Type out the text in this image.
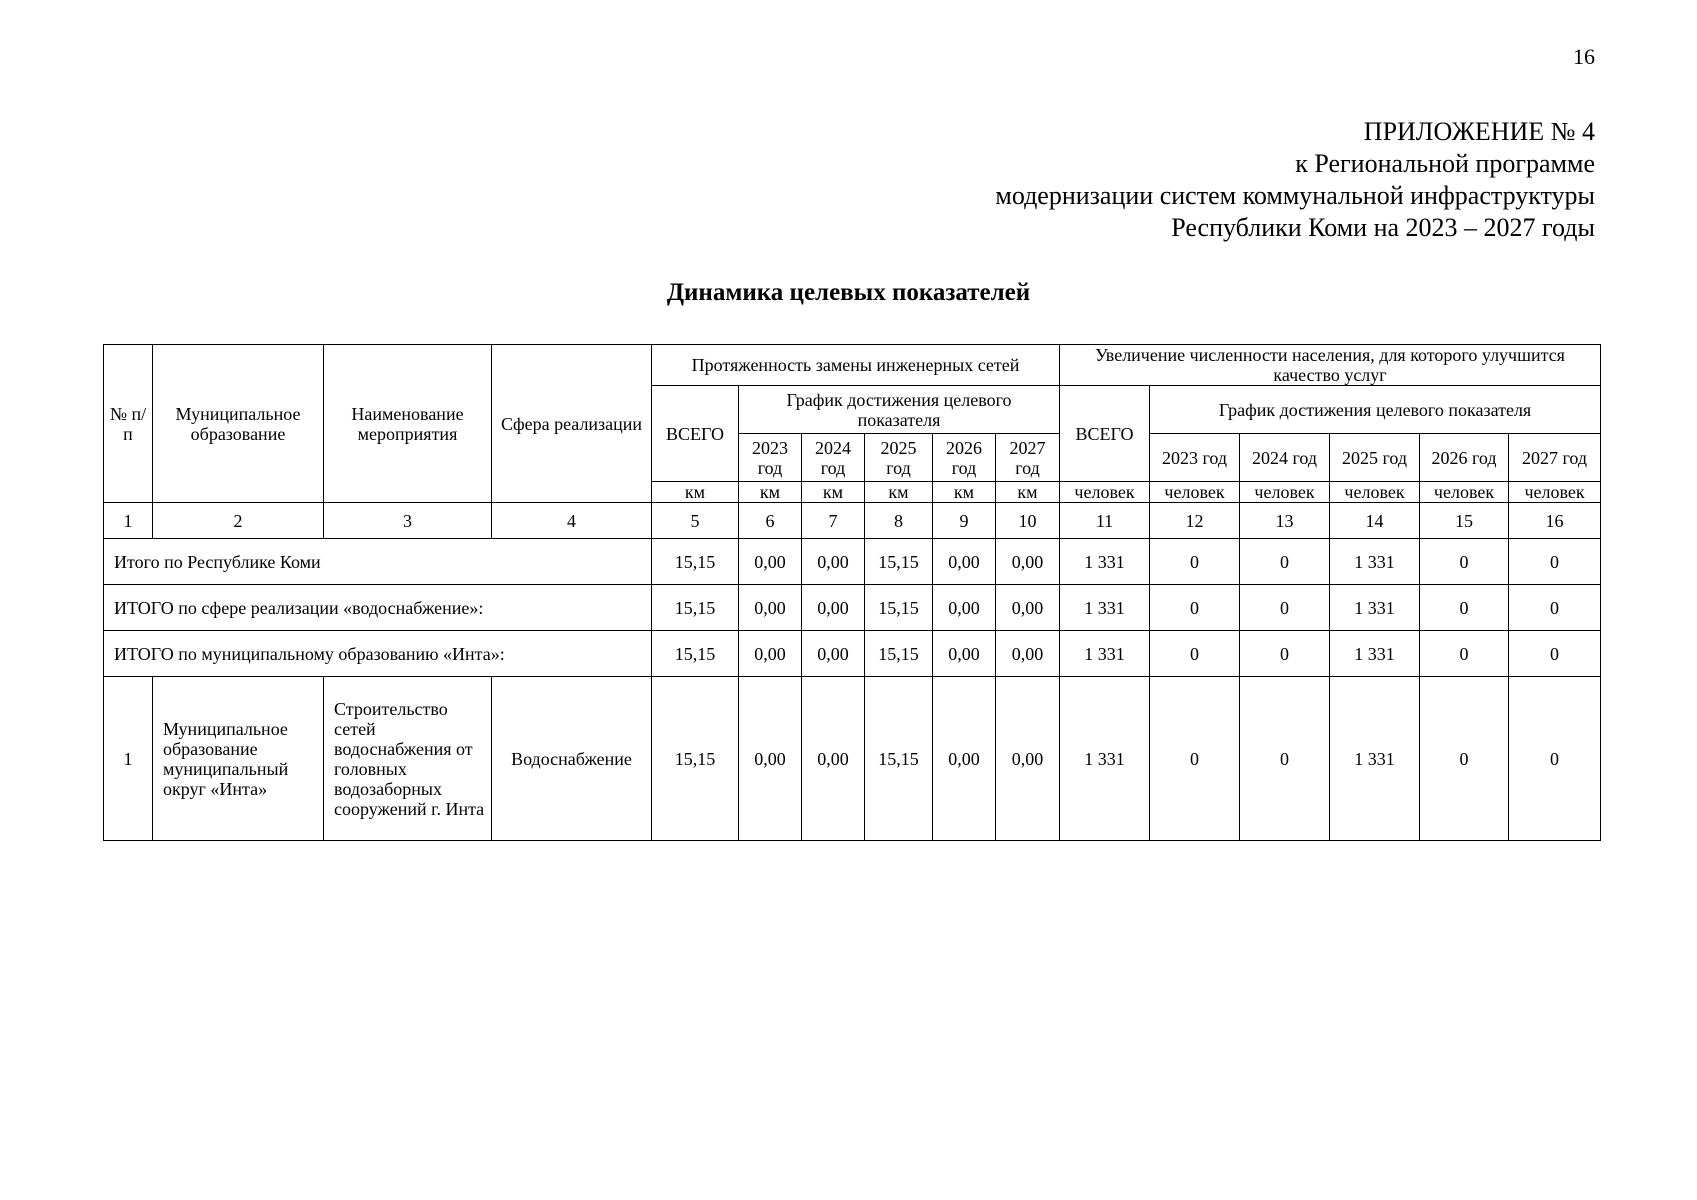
16
ПРИЛОЖЕНИЕ № 4
к Региональной программе
модернизации систем коммунальной инфраструктуры
Республики Коми на 2023 – 2027 годы
Динамика целевых показателей
№ п/п	Муниципальное образование	Наименование мероприятия	Сфера реализации	Протяженность замены инженерных сетей						Увеличение численности населения, для которого улучшится качество услуг					
				ВСЕГО	График достижения целевого показателя					ВСЕГО	График достижения целевого показателя				
					2023 год	2024 год	2025 год	2026 год	2027 год		2023 год	2024 год	2025 год	2026 год	2027 год
				км	км	км	км	км	км	человек	человек	человек	человек	человек	человек
1	2	3	4	5	6	7	8	9	10	11	12	13	14	15	16
Итого по Республике Коми				15,15	0,00	0,00	15,15	0,00	0,00	1 331	0	0	1 331	0	0
ИТОГО по сфере реализации «водоснабжение»:				15,15	0,00	0,00	15,15	0,00	0,00	1 331	0	0	1 331	0	0
ИТОГО по муниципальному образованию «Инта»:				15,15	0,00	0,00	15,15	0,00	0,00	1 331	0	0	1 331	0	0
1	Муниципальное образование муниципальный округ «Инта»	Строительство сетей водоснабжения от головных водозаборных сооружений г. Инта	Водоснабжение	15,15	0,00	0,00	15,15	0,00	0,00	1 331	0	0	1 331	0	0
